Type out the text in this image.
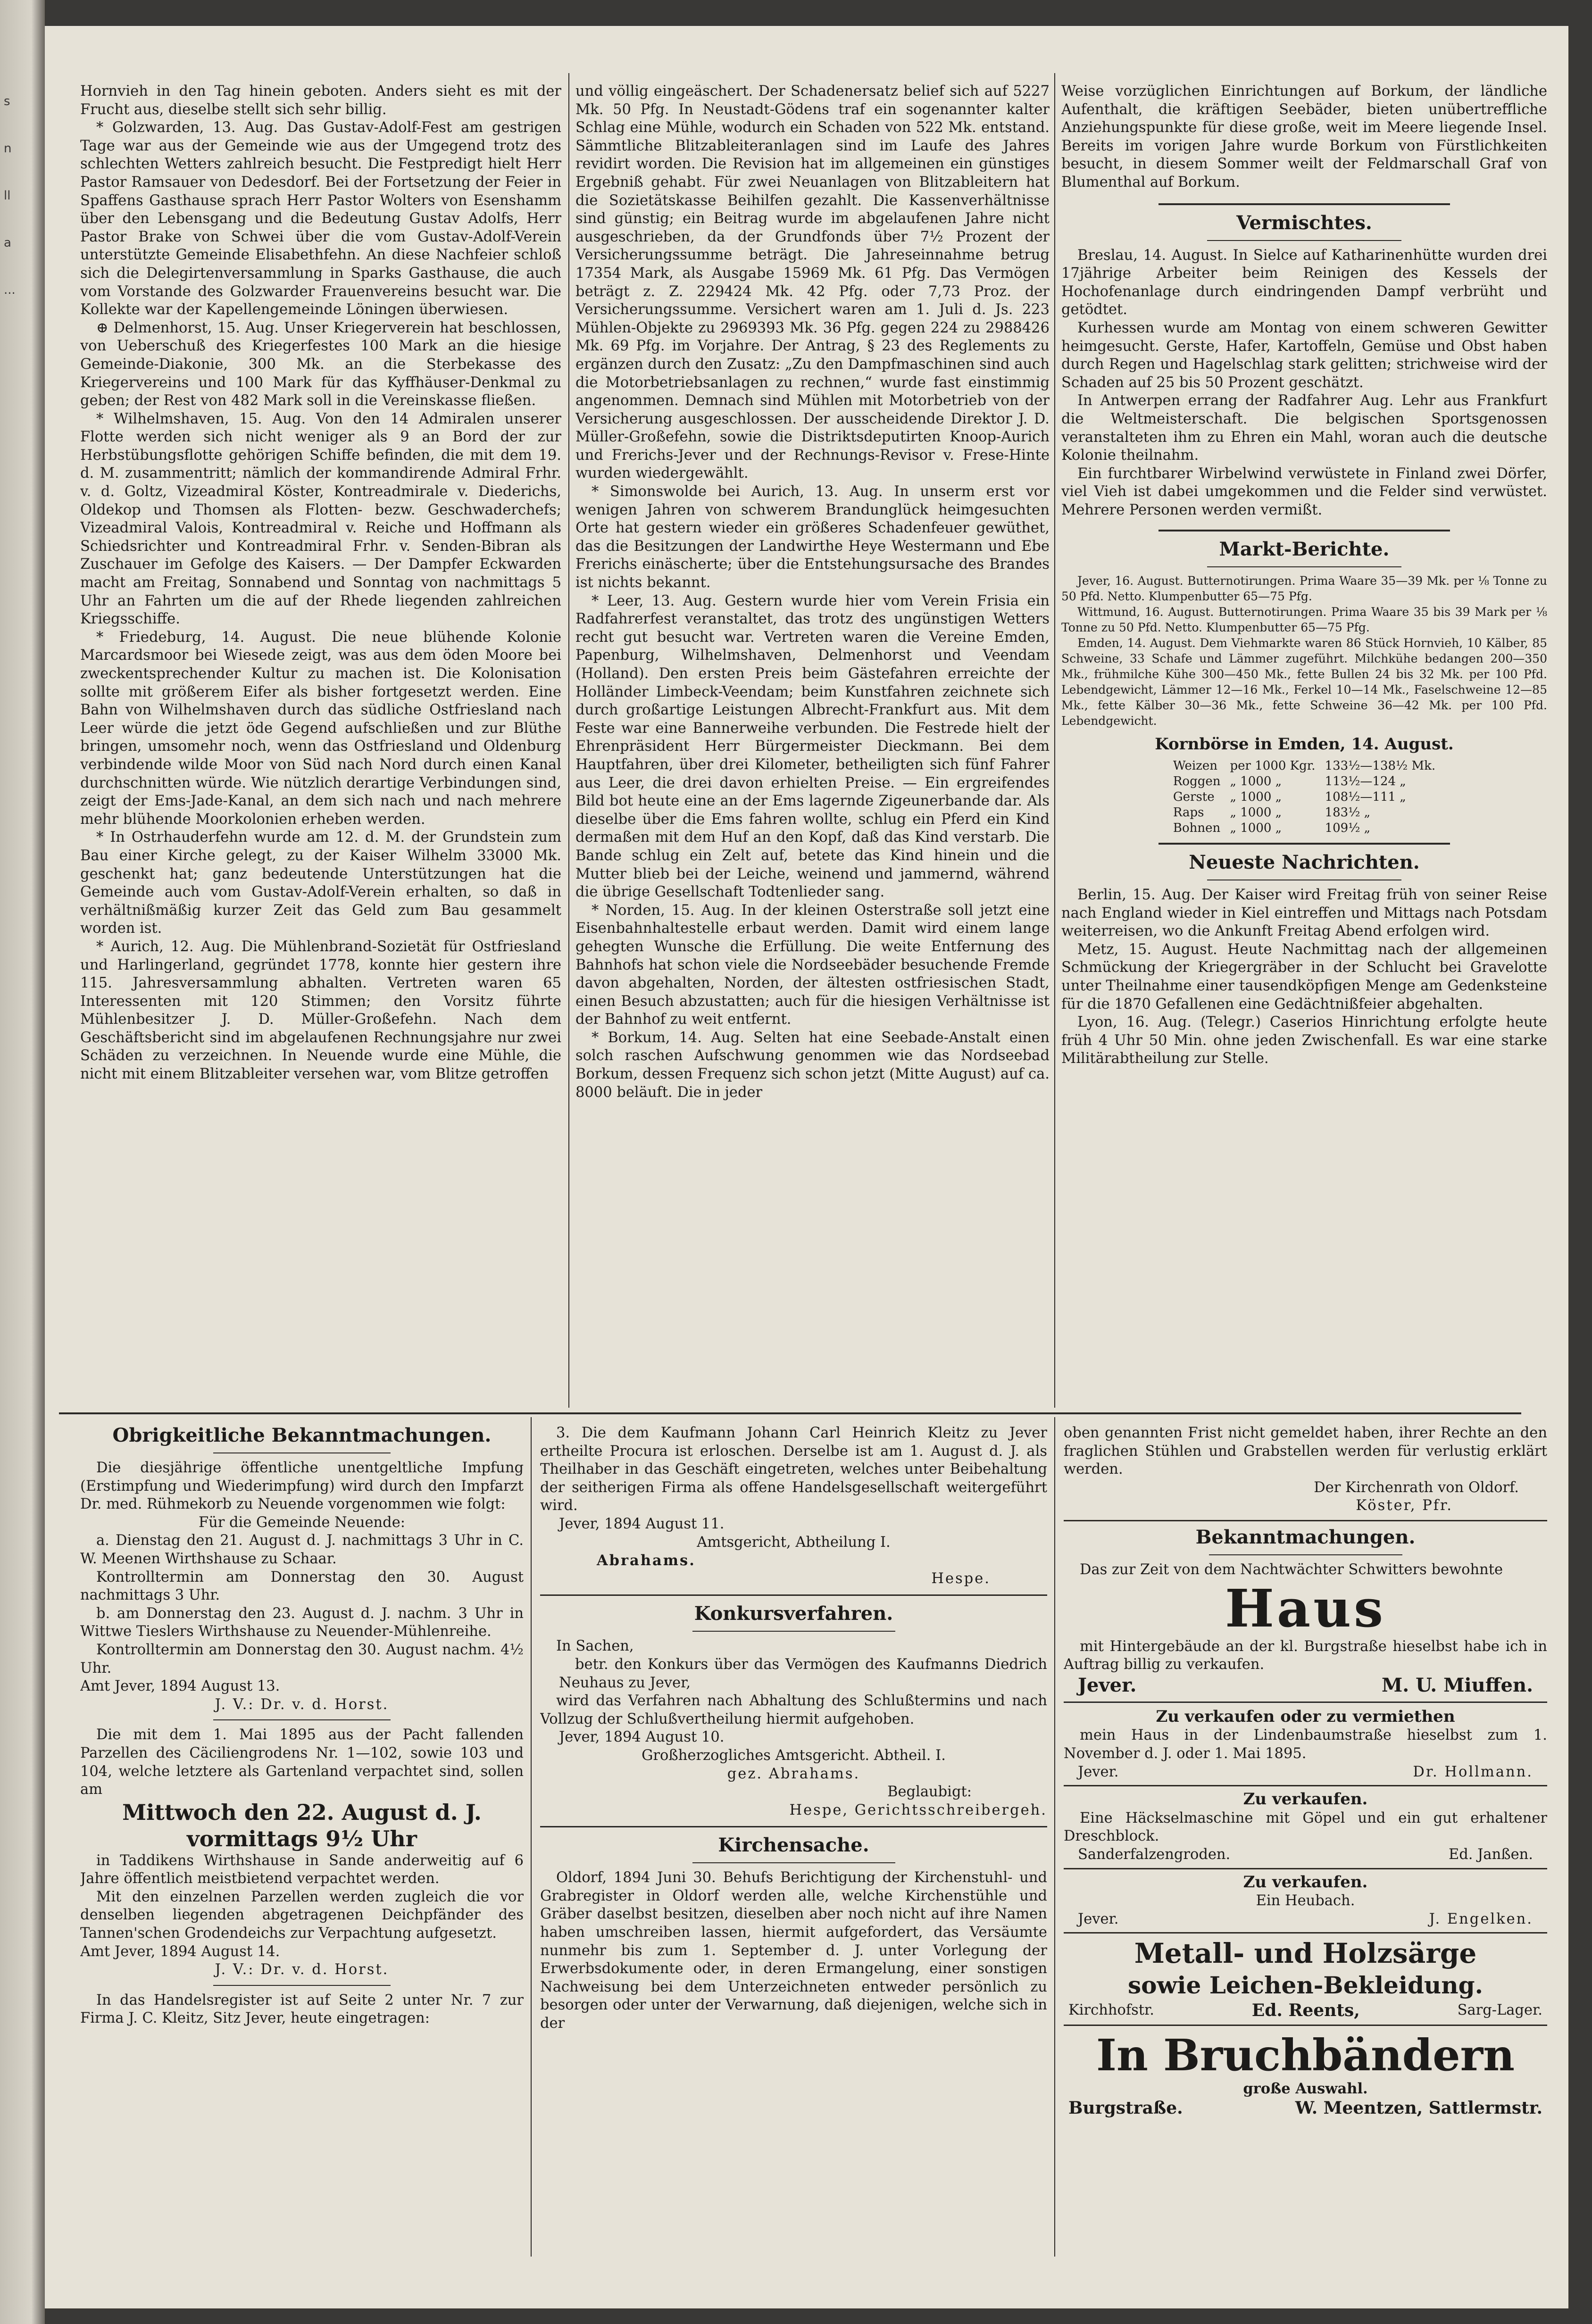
s
n
ll
a
...

Hornvieh in den Tag hinein geboten. Anders sieht es mit der Frucht aus, dieselbe stellt sich sehr billig.

* Golzwarden, 13. Aug. Das Gustav-Adolf-Fest am gestrigen Tage war aus der Gemeinde wie aus der Umgegend trotz des schlechten Wetters zahlreich besucht. Die Festpredigt hielt Herr Pastor Ramsauer von Dedesdorf. Bei der Fortsetzung der Feier in Spaffens Gasthause sprach Herr Pastor Wolters von Esenshamm über den Lebensgang und die Bedeutung Gustav Adolfs, Herr Pastor Brake von Schwei über die vom Gustav-Adolf-Verein unterstützte Gemeinde Elisabethfehn. An diese Nachfeier schloß sich die Delegirtenversammlung in Sparks Gasthause, die auch vom Vorstande des Golzwarder Frauenvereins besucht war. Die Kollekte war der Kapellengemeinde Löningen überwiesen.

⊕ Delmenhorst, 15. Aug. Unser Kriegerverein hat beschlossen, von Ueberschuß des Kriegerfestes 100 Mark an die hiesige Gemeinde-Diakonie, 300 Mk. an die Sterbekasse des Kriegervereins und 100 Mark für das Kyffhäuser-Denkmal zu geben; der Rest von 482 Mark soll in die Vereinskasse fließen.

* Wilhelmshaven, 15. Aug. Von den 14 Admiralen unserer Flotte werden sich nicht weniger als 9 an Bord der zur Herbstübungsflotte gehörigen Schiffe befinden, die mit dem 19. d. M. zusammentritt; nämlich der kommandirende Admiral Frhr. v. d. Goltz, Vizeadmiral Köster, Kontreadmirale v. Diederichs, Oldekop und Thomsen als Flotten- bezw. Geschwaderchefs; Vizeadmiral Valois, Kontreadmiral v. Reiche und Hoffmann als Schiedsrichter und Kontreadmiral Frhr. v. Senden-Bibran als Zuschauer im Gefolge des Kaisers. — Der Dampfer Eckwarden macht am Freitag, Sonnabend und Sonntag von nachmittags 5 Uhr an Fahrten um die auf der Rhede liegenden zahlreichen Kriegsschiffe.

* Friedeburg, 14. August. Die neue blühende Kolonie Marcardsmoor bei Wiesede zeigt, was aus dem öden Moore bei zweckentsprechender Kultur zu machen ist. Die Kolonisation sollte mit größerem Eifer als bisher fortgesetzt werden. Eine Bahn von Wilhelmshaven durch das südliche Ostfriesland nach Leer würde die jetzt öde Gegend aufschließen und zur Blüthe bringen, umsomehr noch, wenn das Ostfriesland und Oldenburg verbindende wilde Moor von Süd nach Nord durch einen Kanal durchschnitten würde. Wie nützlich derartige Verbindungen sind, zeigt der Ems-Jade-Kanal, an dem sich nach und nach mehrere mehr blühende Moorkolonien erheben werden.

* In Ostrhauderfehn wurde am 12. d. M. der Grundstein zum Bau einer Kirche gelegt, zu der Kaiser Wilhelm 33000 Mk. geschenkt hat; ganz bedeutende Unterstützungen hat die Gemeinde auch vom Gustav-Adolf-Verein erhalten, so daß in verhältnißmäßig kurzer Zeit das Geld zum Bau gesammelt worden ist.

* Aurich, 12. Aug. Die Mühlenbrand-Sozietät für Ostfriesland und Harlingerland, gegründet 1778, konnte hier gestern ihre 115. Jahresversammlung abhalten. Vertreten waren 65 Interessenten mit 120 Stimmen; den Vorsitz führte Mühlenbesitzer J. D. Müller-Großefehn. Nach dem Geschäftsbericht sind im abgelaufenen Rechnungsjahre nur zwei Schäden zu verzeichnen. In Neuende wurde eine Mühle, die nicht mit einem Blitzableiter versehen war, vom Blitze getroffen

und völlig eingeäschert. Der Schadenersatz belief sich auf 5227 Mk. 50 Pfg. In Neustadt-Gödens traf ein sogenannter kalter Schlag eine Mühle, wodurch ein Schaden von 522 Mk. entstand. Sämmtliche Blitzableiteranlagen sind im Laufe des Jahres revidirt worden. Die Revision hat im allgemeinen ein günstiges Ergebniß gehabt. Für zwei Neuanlagen von Blitzableitern hat die Sozietätskasse Beihilfen gezahlt. Die Kassenverhältnisse sind günstig; ein Beitrag wurde im abgelaufenen Jahre nicht ausgeschrieben, da der Grundfonds über 7½ Prozent der Versicherungssumme beträgt. Die Jahreseinnahme betrug 17354 Mark, als Ausgabe 15969 Mk. 61 Pfg. Das Vermögen beträgt z. Z. 229424 Mk. 42 Pfg. oder 7,73 Proz. der Versicherungssumme. Versichert waren am 1. Juli d. Js. 223 Mühlen-Objekte zu 2969393 Mk. 36 Pfg. gegen 224 zu 2988426 Mk. 69 Pfg. im Vorjahre. Der Antrag, § 23 des Reglements zu ergänzen durch den Zusatz: „Zu den Dampfmaschinen sind auch die Motorbetriebsanlagen zu rechnen,“ wurde fast einstimmig angenommen. Demnach sind Mühlen mit Motorbetrieb von der Versicherung ausgeschlossen. Der ausscheidende Direktor J. D. Müller-Großefehn, sowie die Distriktsdeputirten Knoop-Aurich und Frerichs-Jever und der Rechnungs-Revisor v. Frese-Hinte wurden wiedergewählt.

* Simonswolde bei Aurich, 13. Aug. In unserm erst vor wenigen Jahren von schwerem Brandunglück heimgesuchten Orte hat gestern wieder ein größeres Schadenfeuer gewüthet, das die Besitzungen der Landwirthe Heye Westermann und Ebe Frerichs einäscherte; über die Entstehungsursache des Brandes ist nichts bekannt.

* Leer, 13. Aug. Gestern wurde hier vom Verein Frisia ein Radfahrerfest veranstaltet, das trotz des ungünstigen Wetters recht gut besucht war. Vertreten waren die Vereine Emden, Papenburg, Wilhelmshaven, Delmenhorst und Veendam (Holland). Den ersten Preis beim Gästefahren erreichte der Holländer Limbeck-Veendam; beim Kunstfahren zeichnete sich durch großartige Leistungen Albrecht-Frankfurt aus. Mit dem Feste war eine Bannerweihe verbunden. Die Festrede hielt der Ehrenpräsident Herr Bürgermeister Dieckmann. Bei dem Hauptfahren, über drei Kilometer, betheiligten sich fünf Fahrer aus Leer, die drei davon erhielten Preise. — Ein ergreifendes Bild bot heute eine an der Ems lagernde Zigeunerbande dar. Als dieselbe über die Ems fahren wollte, schlug ein Pferd ein Kind dermaßen mit dem Huf an den Kopf, daß das Kind verstarb. Die Bande schlug ein Zelt auf, betete das Kind hinein und die Mutter blieb bei der Leiche, weinend und jammernd, während die übrige Gesellschaft Todtenlieder sang.

* Norden, 15. Aug. In der kleinen Osterstraße soll jetzt eine Eisenbahnhaltestelle erbaut werden. Damit wird einem lange gehegten Wunsche die Erfüllung. Die weite Entfernung des Bahnhofs hat schon viele die Nordseebäder besuchende Fremde davon abgehalten, Norden, der ältesten ostfriesischen Stadt, einen Besuch abzustatten; auch für die hiesigen Verhältnisse ist der Bahnhof zu weit entfernt.

* Borkum, 14. Aug. Selten hat eine Seebade-Anstalt einen solch raschen Aufschwung genommen wie das Nordseebad Borkum, dessen Frequenz sich schon jetzt (Mitte August) auf ca. 8000 beläuft. Die in jeder

Weise vorzüglichen Einrichtungen auf Borkum, der ländliche Aufenthalt, die kräftigen Seebäder, bieten unübertreffliche Anziehungspunkte für diese große, weit im Meere liegende Insel. Bereits im vorigen Jahre wurde Borkum von Fürstlichkeiten besucht, in diesem Sommer weilt der Feldmarschall Graf von Blumenthal auf Borkum.

Vermischtes.

Breslau, 14. August. In Sielce auf Katharinenhütte wurden drei 17jährige Arbeiter beim Reinigen des Kessels der Hochofenanlage durch eindringenden Dampf verbrüht und getödtet.

Kurhessen wurde am Montag von einem schweren Gewitter heimgesucht. Gerste, Hafer, Kartoffeln, Gemüse und Obst haben durch Regen und Hagelschlag stark gelitten; strichweise wird der Schaden auf 25 bis 50 Prozent geschätzt.

In Antwerpen errang der Radfahrer Aug. Lehr aus Frankfurt die Weltmeisterschaft. Die belgischen Sportsgenossen veranstalteten ihm zu Ehren ein Mahl, woran auch die deutsche Kolonie theilnahm.

Ein furchtbarer Wirbelwind verwüstete in Finland zwei Dörfer, viel Vieh ist dabei umgekommen und die Felder sind verwüstet. Mehrere Personen werden vermißt.

Markt-Berichte.

Jever, 16. August. Butternotirungen. Prima Waare 35—39 Mk. per ⅛ Tonne zu 50 Pfd. Netto. Klumpenbutter 65—75 Pfg.

Wittmund, 16. August. Butternotirungen. Prima Waare 35 bis 39 Mark per ⅛ Tonne zu 50 Pfd. Netto. Klumpenbutter 65—75 Pfg.

Emden, 14. August. Dem Viehmarkte waren 86 Stück Hornvieh, 10 Kälber, 85 Schweine, 33 Schafe und Lämmer zugeführt. Milchkühe bedangen 200—350 Mk., frühmilche Kühe 300—450 Mk., fette Bullen 24 bis 32 Mk. per 100 Pfd. Lebendgewicht, Lämmer 12—16 Mk., Ferkel 10—14 Mk., Faselschweine 12—85 Mk., fette Kälber 30—36 Mk., fette Schweine 36—42 Mk. per 100 Pfd. Lebendgewicht.

Kornbörse in Emden, 14. August.
Weizen	per 1000 Kgr.	133½—138½ Mk.
Roggen	„ 1000 „	113½—124 „
Gerste	„ 1000 „	108½—111 „
Raps	„ 1000 „	183½ „
Bohnen	„ 1000 „	109½ „
Neueste Nachrichten.

Berlin, 15. Aug. Der Kaiser wird Freitag früh von seiner Reise nach England wieder in Kiel eintreffen und Mittags nach Potsdam weiterreisen, wo die Ankunft Freitag Abend erfolgen wird.

Metz, 15. August. Heute Nachmittag nach der allgemeinen Schmückung der Kriegergräber in der Schlucht bei Gravelotte unter Theilnahme einer tausendköpfigen Menge am Gedenksteine für die 1870 Gefallenen eine Gedächtnißfeier abgehalten.

Lyon, 16. Aug. (Telegr.) Caserios Hinrichtung erfolgte heute früh 4 Uhr 50 Min. ohne jeden Zwischenfall. Es war eine starke Militärabtheilung zur Stelle.

Obrigkeitliche Bekanntmachungen.

Die diesjährige öffentliche unentgeltliche Impfung (Erstimpfung und Wiederimpfung) wird durch den Impfarzt Dr. med. Rühmekorb zu Neuende vorgenommen wie folgt:

Für die Gemeinde Neuende:

a. Dienstag den 21. August d. J. nachmittags 3 Uhr in C. W. Meenen Wirthshause zu Schaar.

Kontrolltermin am Donnerstag den 30. August nachmittags 3 Uhr.

b. am Donnerstag den 23. August d. J. nachm. 3 Uhr in Wittwe Tieslers Wirthshause zu Neuender-Mühlenreihe.

Kontrolltermin am Donnerstag den 30. August nachm. 4½ Uhr.

Amt Jever, 1894 August 13.

J. V.: Dr. v. d. Horst.

Die mit dem 1. Mai 1895 aus der Pacht fallenden Parzellen des Cäciliengrodens Nr. 1—102, sowie 103 und 104, welche letztere als Gartenland verpachtet sind, sollen am

Mittwoch den 22. August d. J.
vormittags 9½ Uhr

in Taddikens Wirthshause in Sande anderweitig auf 6 Jahre öffentlich meistbietend verpachtet werden.

Mit den einzelnen Parzellen werden zugleich die vor denselben liegenden abgetragenen Deichpfänder des Tannen'schen Grodendeichs zur Verpachtung aufgesetzt.

Amt Jever, 1894 August 14.

J. V.: Dr. v. d. Horst.

In das Handelsregister ist auf Seite 2 unter Nr. 7 zur Firma J. C. Kleitz, Sitz Jever, heute eingetragen:

3. Die dem Kaufmann Johann Carl Heinrich Kleitz zu Jever ertheilte Procura ist erloschen. Derselbe ist am 1. August d. J. als Theilhaber in das Geschäft eingetreten, welches unter Beibehaltung der seitherigen Firma als offene Handelsgesellschaft weitergeführt wird.

Jever, 1894 August 11.

Amtsgericht, Abtheilung I.

Abrahams.
Hespe.
Konkursverfahren.

In Sachen,

betr. den Konkurs über das Vermögen des Kaufmanns Diedrich Neuhaus zu Jever,

wird das Verfahren nach Abhaltung des Schlußtermins und nach Vollzug der Schlußvertheilung hiermit aufgehoben.

Jever, 1894 August 10.

Großherzogliches Amtsgericht. Abtheil. I.

gez. Abrahams.

Beglaubigt:

Hespe, Gerichtsschreibergeh.

Kirchensache.

Oldorf, 1894 Juni 30. Behufs Berichtigung der Kirchenstuhl- und Grabregister in Oldorf werden alle, welche Kirchenstühle und Gräber daselbst besitzen, dieselben aber noch nicht auf ihre Namen haben umschreiben lassen, hiermit aufgefordert, das Versäumte nunmehr bis zum 1. September d. J. unter Vorlegung der Erwerbsdokumente oder, in deren Ermangelung, einer sonstigen Nachweisung bei dem Unterzeichneten entweder persönlich zu besorgen oder unter der Verwarnung, daß diejenigen, welche sich in der

oben genannten Frist nicht gemeldet haben, ihrer Rechte an den fraglichen Stühlen und Grabstellen werden für verlustig erklärt werden.

Der Kirchenrath von Oldorf.

Köster, Pfr.

Bekanntmachungen.

Das zur Zeit von dem Nachtwächter Schwitters bewohnte

Haus

mit Hintergebäude an der kl. Burgstraße hieselbst habe ich in Auftrag billig zu verkaufen.

Jever.	M. U. Miuffen.
Zu verkaufen oder zu vermiethen

mein Haus in der Lindenbaumstraße hieselbst zum 1. November d. J. oder 1. Mai 1895.

Jever.	Dr. Hollmann.
Zu verkaufen.

Eine Häckselmaschine mit Göpel und ein gut erhaltener Dreschblock.

Sanderfalzengroden.	Ed. Janßen.
Zu verkaufen.

Ein Heubach.

Jever.	J. Engelken.
Metall- und Holzsärge
sowie Leichen-Bekleidung.
Kirchhofstr.	Ed. Reents,	Sarg-Lager.
In Bruchbändern

große Auswahl.

Burgstraße.	W. Meentzen, Sattlermstr.
